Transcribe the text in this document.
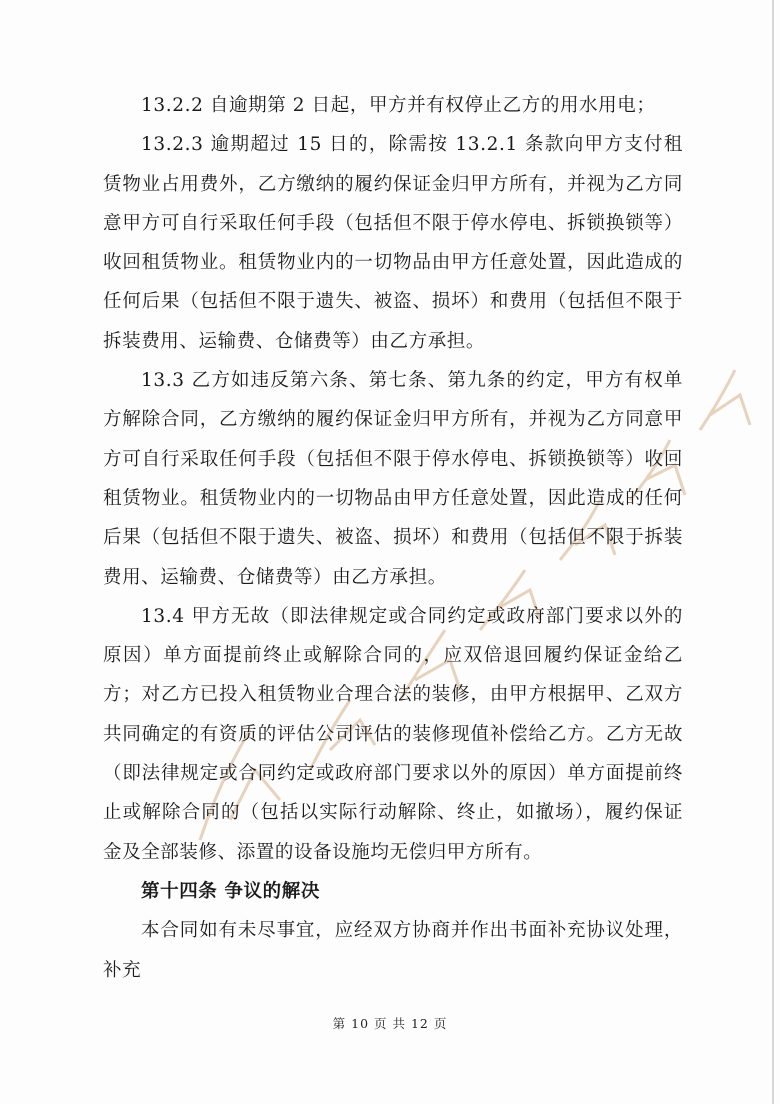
13.2.2 自逾期第 2 日起，甲方并有权停止乙方的用水用电；

13.2.3 逾期超过 15 日的，除需按 13.2.1 条款向甲方支付租赁物业占用费外，乙方缴纳的履约保证金归甲方所有，并视为乙方同意甲方可自行采取任何手段（包括但不限于停水停电、拆锁换锁等）收回租赁物业。租赁物业内的一切物品由甲方任意处置，因此造成的任何后果（包括但不限于遗失、被盗、损坏）和费用（包括但不限于拆装费用、运输费、仓储费等）由乙方承担。

13.3 乙方如违反第六条、第七条、第九条的约定，甲方有权单方解除合同，乙方缴纳的履约保证金归甲方所有，并视为乙方同意甲方可自行采取任何手段（包括但不限于停水停电、拆锁换锁等）收回租赁物业。租赁物业内的一切物品由甲方任意处置，因此造成的任何后果（包括但不限于遗失、被盗、损坏）和费用（包括但不限于拆装费用、运输费、仓储费等）由乙方承担。

13.4 甲方无故（即法律规定或合同约定或政府部门要求以外的原因）单方面提前终止或解除合同的，应双倍退回履约保证金给乙方；对乙方已投入租赁物业合理合法的装修，由甲方根据甲、乙双方共同确定的有资质的评估公司评估的装修现值补偿给乙方。乙方无故（即法律规定或合同约定或政府部门要求以外的原因）单方面提前终止或解除合同的（包括以实际行动解除、终止，如撤场），履约保证金及全部装修、添置的设备设施均无偿归甲方所有。

第十四条 争议的解决

本合同如有未尽事宜，应经双方协商并作出书面补充协议处理，补充

第 10 页 共 12 页
